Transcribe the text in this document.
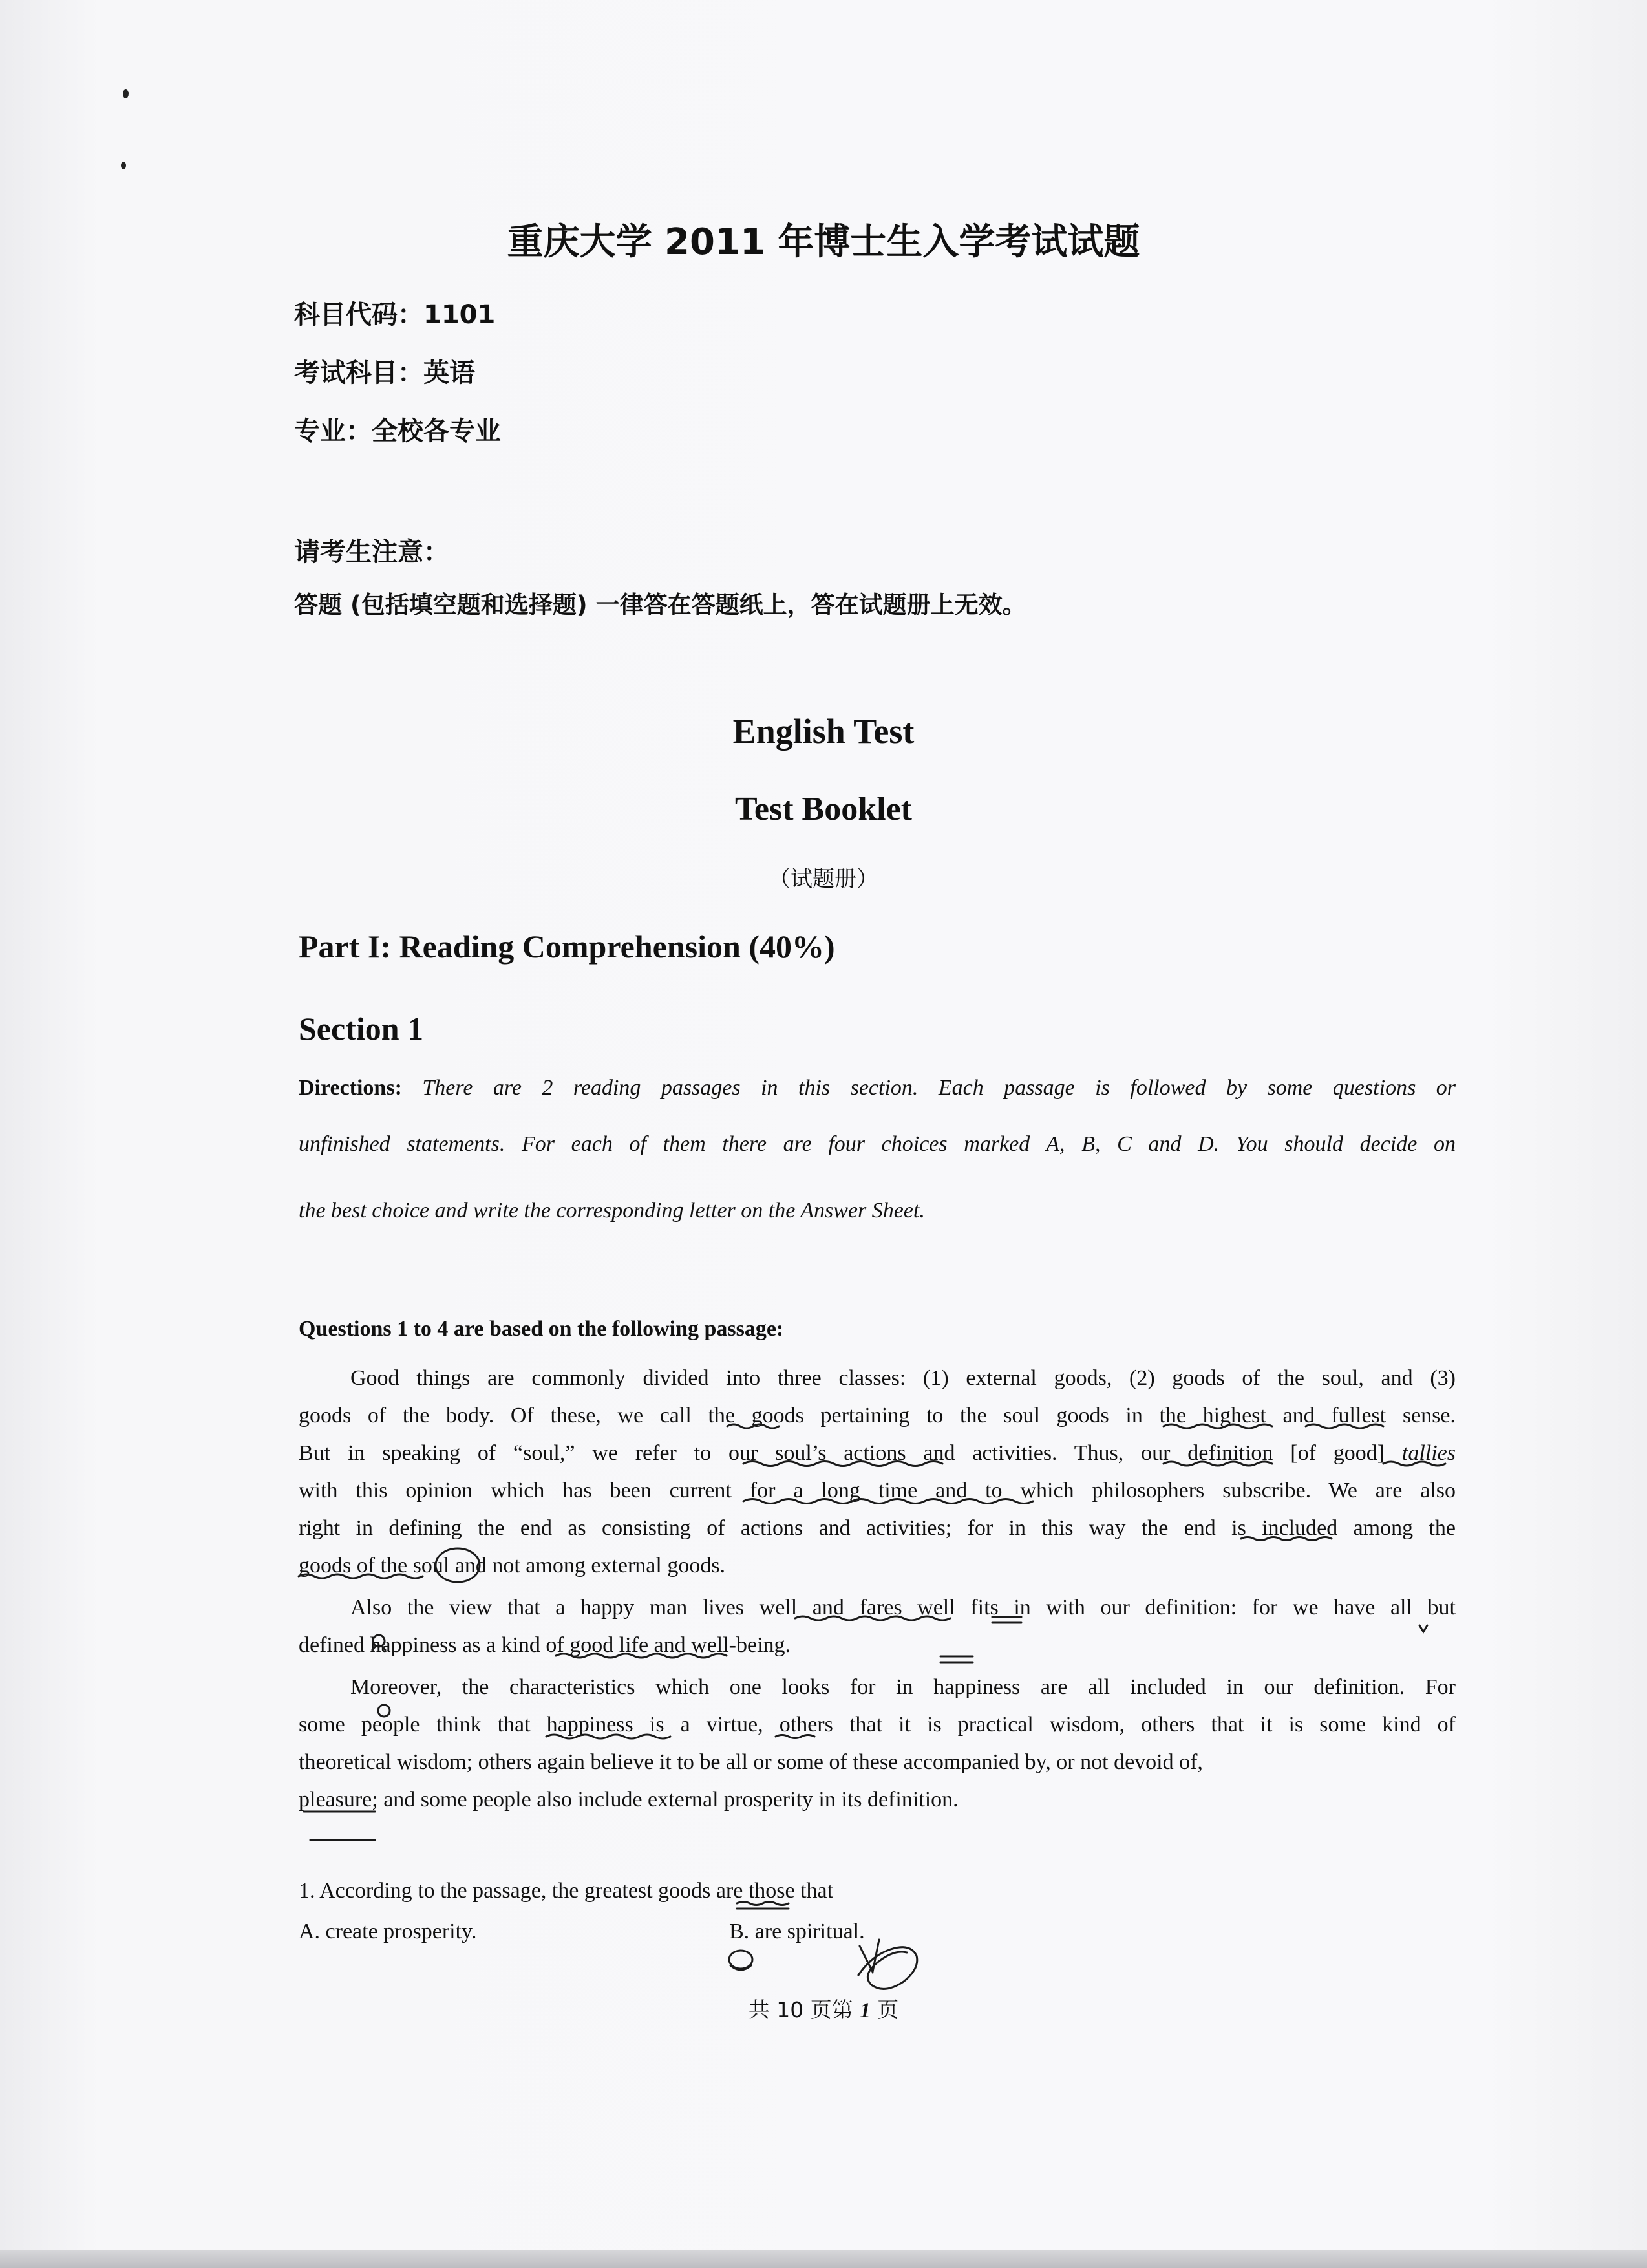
重庆大学 2011 年博士生入学考试试题
科目代码：1101
考试科目：英语
专业：全校各专业
请考生注意：
答题 (包括填空题和选择题) 一律答在答题纸上，答在试题册上无效。
English Test
Test Booklet
（试题册）
Part I: Reading Comprehension (40%)
Section 1
Directions: There are 2 reading passages in this section. Each passage is followed by some questions or
unfinished statements. For each of them there are four choices marked A, B, C and D. You should decide on
the best choice and write the corresponding letter on the Answer Sheet.
Questions 1 to 4 are based on the following passage:
Good things are commonly divided into three classes: (1) external goods, (2) goods of the soul, and (3)
goods of the body. Of these, we call the goods pertaining to the soul goods in the highest and fullest sense.
But in speaking of “soul,” we refer to our soul’s actions and activities. Thus, our definition [of good] tallies
with this opinion which has been current for a long time and to which philosophers subscribe. We are also
right in defining the end as consisting of actions and activities; for in this way the end is included among the
goods of the soul and not among external goods.
Also the view that a happy man lives well and fares well fits in with our definition: for we have all but
defined happiness as a kind of good life and well-being.
Moreover, the characteristics which one looks for in happiness are all included in our definition. For
some people think that happiness is a virtue, others that it is practical wisdom, others that it is some kind of
theoretical wisdom; others again believe it to be all or some of these accompanied by, or not devoid of,
pleasure; and some people also include external prosperity in its definition.
1. According to the passage, the greatest goods are those that
A. create prosperity.	B. are spiritual.
共 10 页第 1 页
